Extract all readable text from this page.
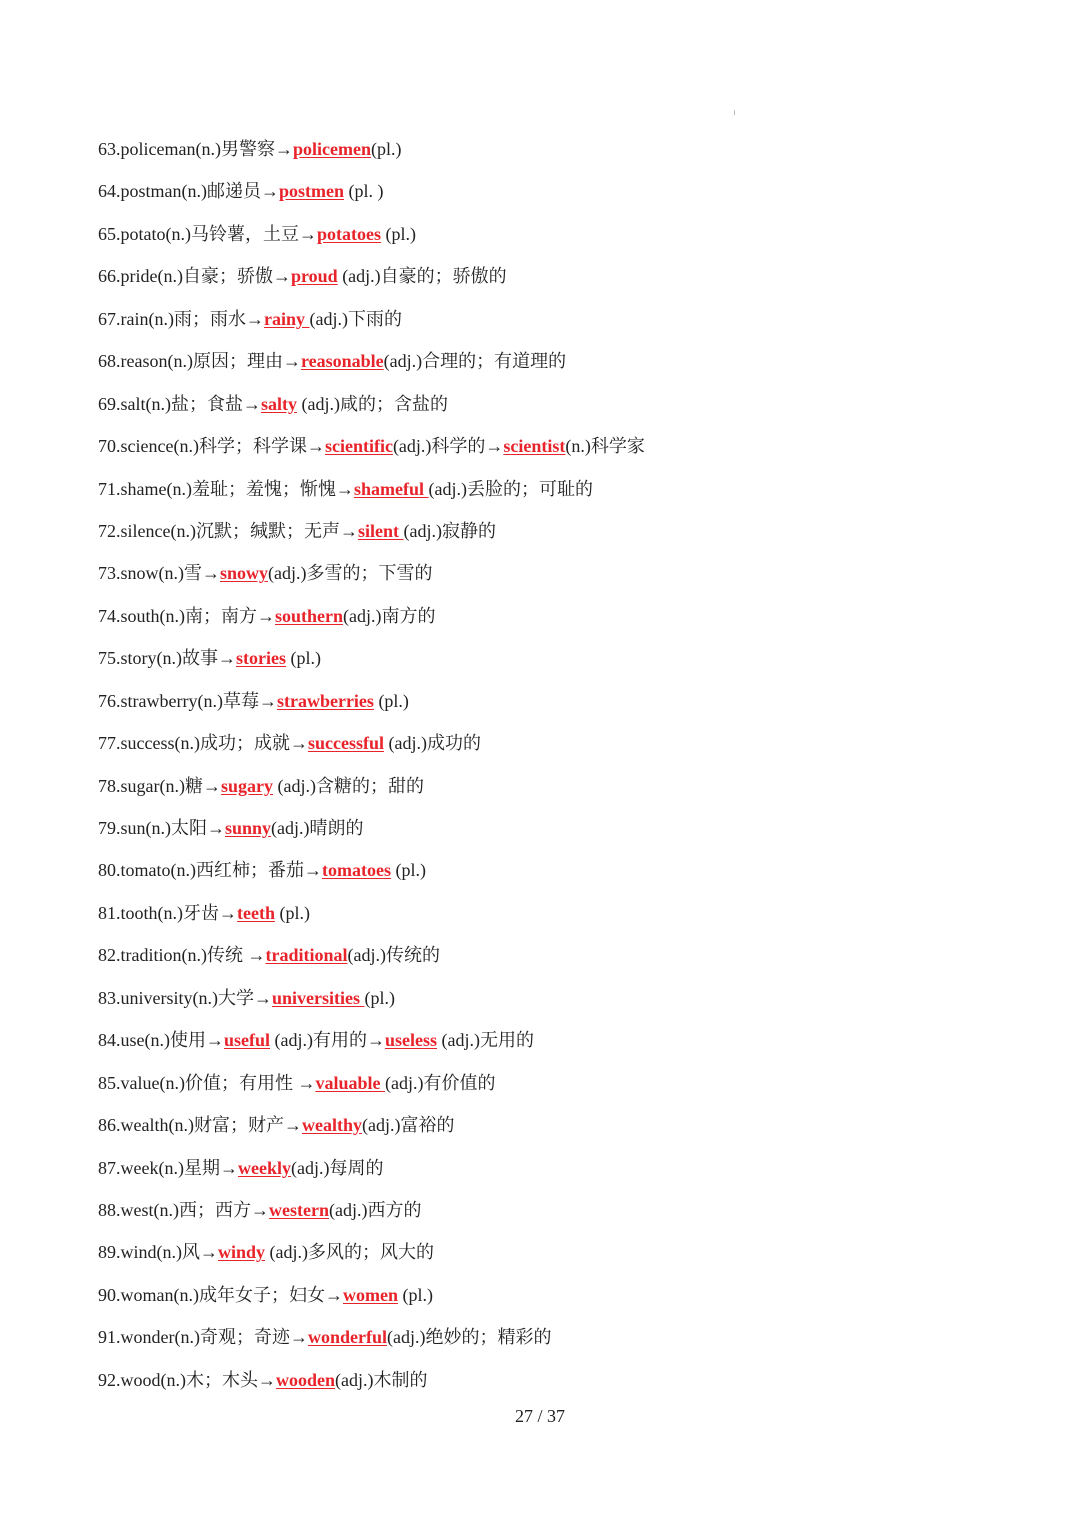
63.policeman(n.)男警察→policemen(pl.)
64.postman(n.)邮递员→postmen (pl. )
65.potato(n.)马铃薯，土豆→potatoes (pl.)
66.pride(n.)自豪；骄傲→proud (adj.)自豪的；骄傲的
67.rain(n.)雨；雨水→rainy (adj.)下雨的
68.reason(n.)原因；理由→reasonable(adj.)合理的；有道理的
69.salt(n.)盐；食盐→salty (adj.)咸的；含盐的
70.science(n.)科学；科学课→scientific(adj.)科学的→scientist(n.)科学家
71.shame(n.)羞耻；羞愧；惭愧→shameful (adj.)丢脸的；可耻的
72.silence(n.)沉默；缄默；无声→silent (adj.)寂静的
73.snow(n.)雪→snowy(adj.)多雪的；下雪的
74.south(n.)南；南方→southern(adj.)南方的
75.story(n.)故事→stories (pl.)
76.strawberry(n.)草莓→strawberries (pl.)
77.success(n.)成功；成就→successful (adj.)成功的
78.sugar(n.)糖→sugary (adj.)含糖的；甜的
79.sun(n.)太阳→sunny(adj.)晴朗的
80.tomato(n.)西红柿；番茄→tomatoes (pl.)
81.tooth(n.)牙齿→teeth (pl.)
82.tradition(n.)传统 →traditional(adj.)传统的
83.university(n.)大学→universities (pl.)
84.use(n.)使用→useful (adj.)有用的→useless (adj.)无用的
85.value(n.)价值；有用性 →valuable (adj.)有价值的
86.wealth(n.)财富；财产→wealthy(adj.)富裕的
87.week(n.)星期→weekly(adj.)每周的
88.west(n.)西；西方→western(adj.)西方的
89.wind(n.)风→windy (adj.)多风的；风大的
90.woman(n.)成年女子；妇女→women (pl.)
91.wonder(n.)奇观；奇迹→wonderful(adj.)绝妙的；精彩的
92.wood(n.)木；木头→wooden(adj.)木制的
27 / 37
